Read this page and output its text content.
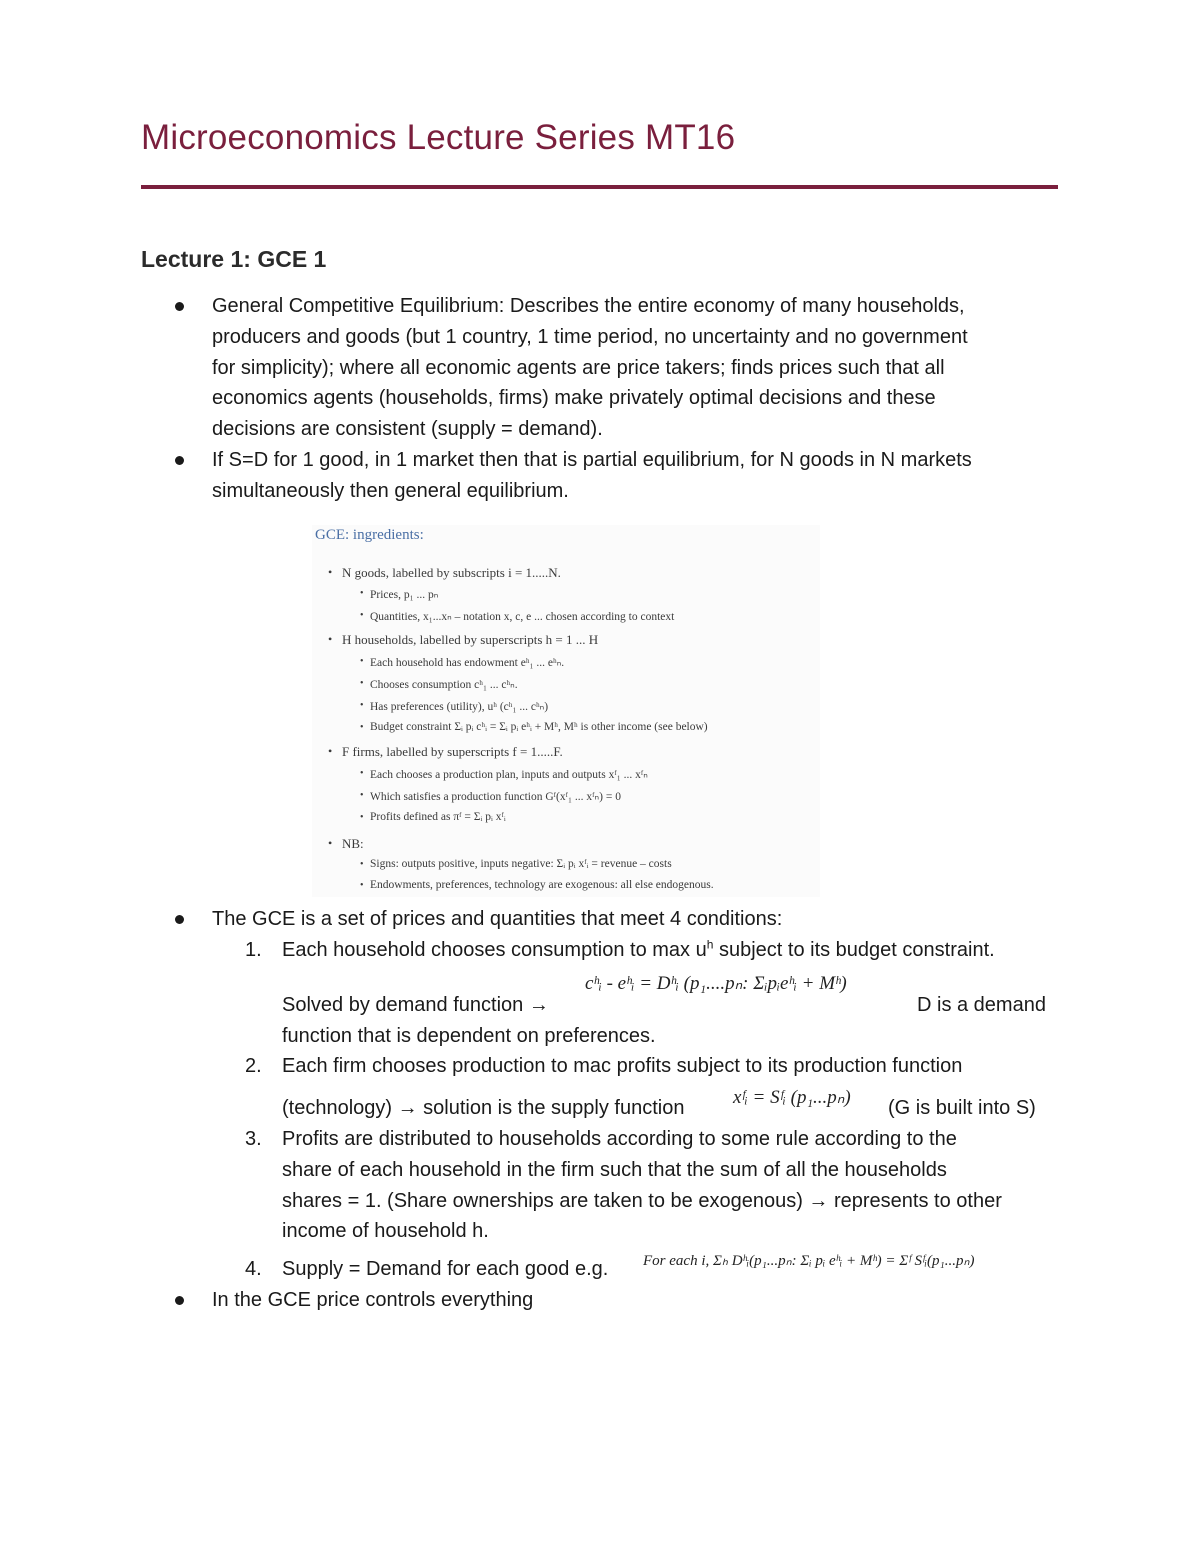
Microeconomics Lecture Series MT16
Lecture 1: GCE 1
General Competitive Equilibrium: Describes the entire economy of many households,
producers and goods (but 1 country, 1 time period, no uncertainty and no government
for simplicity); where all economic agents are price takers; finds prices such that all
economics agents (households, firms) make privately optimal decisions and these
decisions are consistent (supply = demand).
If S=D for 1 good, in 1 market then that is partial equilibrium, for N goods in N markets
simultaneously then general equilibrium.
GCE: ingredients:
• N goods, labelled by subscripts i = 1.....N.
• Prices, p₁ ... pₙ
• Quantities, x₁...xₙ – notation x, c, e ... chosen according to context
• H households, labelled by superscripts h = 1 ... H
• Each household has endowment eʰ₁ ... eʰₙ.
• Chooses consumption cʰ₁ ... cʰₙ.
• Has preferences (utility), uʰ (cʰ₁ ... cʰₙ)
• Budget constraint Σᵢ pᵢ cʰᵢ = Σᵢ pᵢ eʰᵢ + Mʰ, Mʰ is other income (see below)
• F firms, labelled by superscripts f = 1.....F.
• Each chooses a production plan, inputs and outputs xᶠ₁ ... xᶠₙ
• Which satisfies a production function Gᶠ(xᶠ₁ ... xᶠₙ) = 0
• Profits defined as πᶠ = Σᵢ pᵢ xᶠᵢ
• NB:
• Signs: outputs positive, inputs negative: Σᵢ pᵢ xᶠᵢ = revenue – costs
• Endowments, preferences, technology are exogenous: all else endogenous.
The GCE is a set of prices and quantities that meet 4 conditions:
1. Each household chooses consumption to $\max u^h$ subject to its budget constraint.
Solved by demand function →
cʰᵢ - eʰᵢ = Dʰᵢ (p₁....pₙ: Σᵢpᵢeʰᵢ + Mʰ)
D is a demand
function that is dependent on preferences.
2. Each firm chooses production to mac profits subject to its production function
(technology) → solution is the supply function	xᶠᵢ = Sᶠᵢ (p₁...pₙ) (G is built into S)
3. Profits are distributed to households according to some rule according to the
share of each household in the firm such that the sum of all the households
shares = 1. (Share ownerships are taken to be exogenous) → represents to other
income of household h.
4. Supply = Demand for each good e.g. For each i, Σₕ Dʰᵢ(p₁...pₙ: Σᵢ pᵢ eʰᵢ + Mʰ) = Σᶠ Sᶠᵢ(p₁...pₙ)
In the GCE price controls everything
